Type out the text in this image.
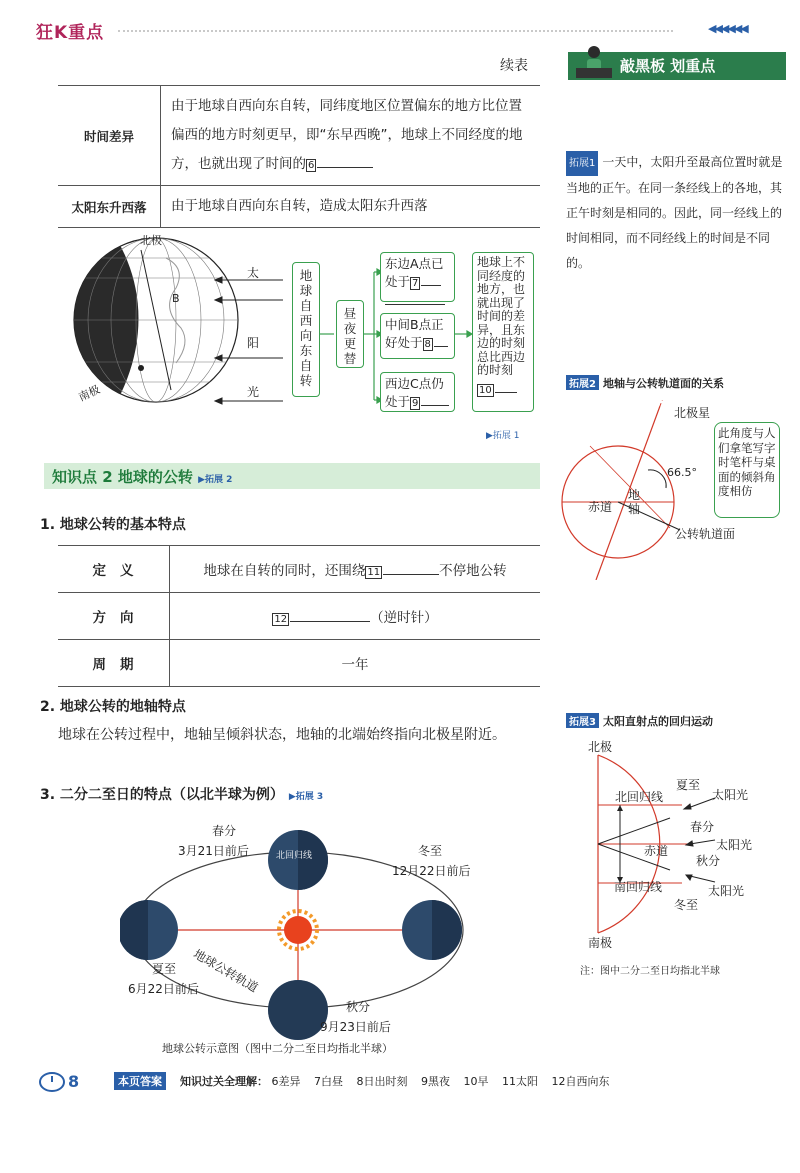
狂K重点	◀◀◀◀◀◀
续表	敲黑板 划重点
时间差异	由于地球自西向东自转，同纬度地区位置偏东的地方比位置偏西的地方时刻更早，即“东早西晚”，地球上不同经度的地方，也就出现了时间的 6
太阳东升西落	由于地球自西向东自转，造成太阳东升西落
北极
南极
B
太
阳
光
地球自西向东自转
昼夜更替
东边A点已处于 7

中间B点正好处于 8
西边C点仍处于 9
地球上不同经度的地方，也就出现了时间的差异，且东边的时刻总比西边的时刻10
▶拓展 1
知识点 2 地球的公转 ▶拓展 2
1. 地球公转的基本特点
定义	地球在自转的同时，还围绕 11 不停地公转
方向	12 （逆时针）
周期	一年
2. 地球公转的地轴特点
地球在公转过程中，地轴呈倾斜状态，地轴的北端始终指向北极星附近。
3. 二分二至日的特点（以北半球为例） ▶拓展 3
春分
3月21日前后	冬至
12月22日前后
夏至
6月22日前后
秋分
9月23日前后
地球公转轨道
北回归线
地球公转示意图（图中二分二至日均指北半球）
拓展1 一天中，太阳升至最高位置时就是当地的正午。在同一条经线上的各地，其正午时刻是相同的。因此，同一经线上的时间相同，而不同经线上的时间是不同的。
拓展2 地轴与公转轨道面的关系
北极星
66.5°
赤道
地轴
公转轨道面
此角度与人们拿笔写字时笔杆与桌面的倾斜角度相仿
拓展3 太阳直射点的回归运动
北极
南极
北回归线
赤道
南回归线
夏至
太阳光
春分
太阳光
秋分
太阳光
冬至
注：图中二分二至日均指北半球
8	本页答案	知识过关全理解： 6差异 7白昼 8日出时刻 9黑夜 10早 11太阳 12自西向东
